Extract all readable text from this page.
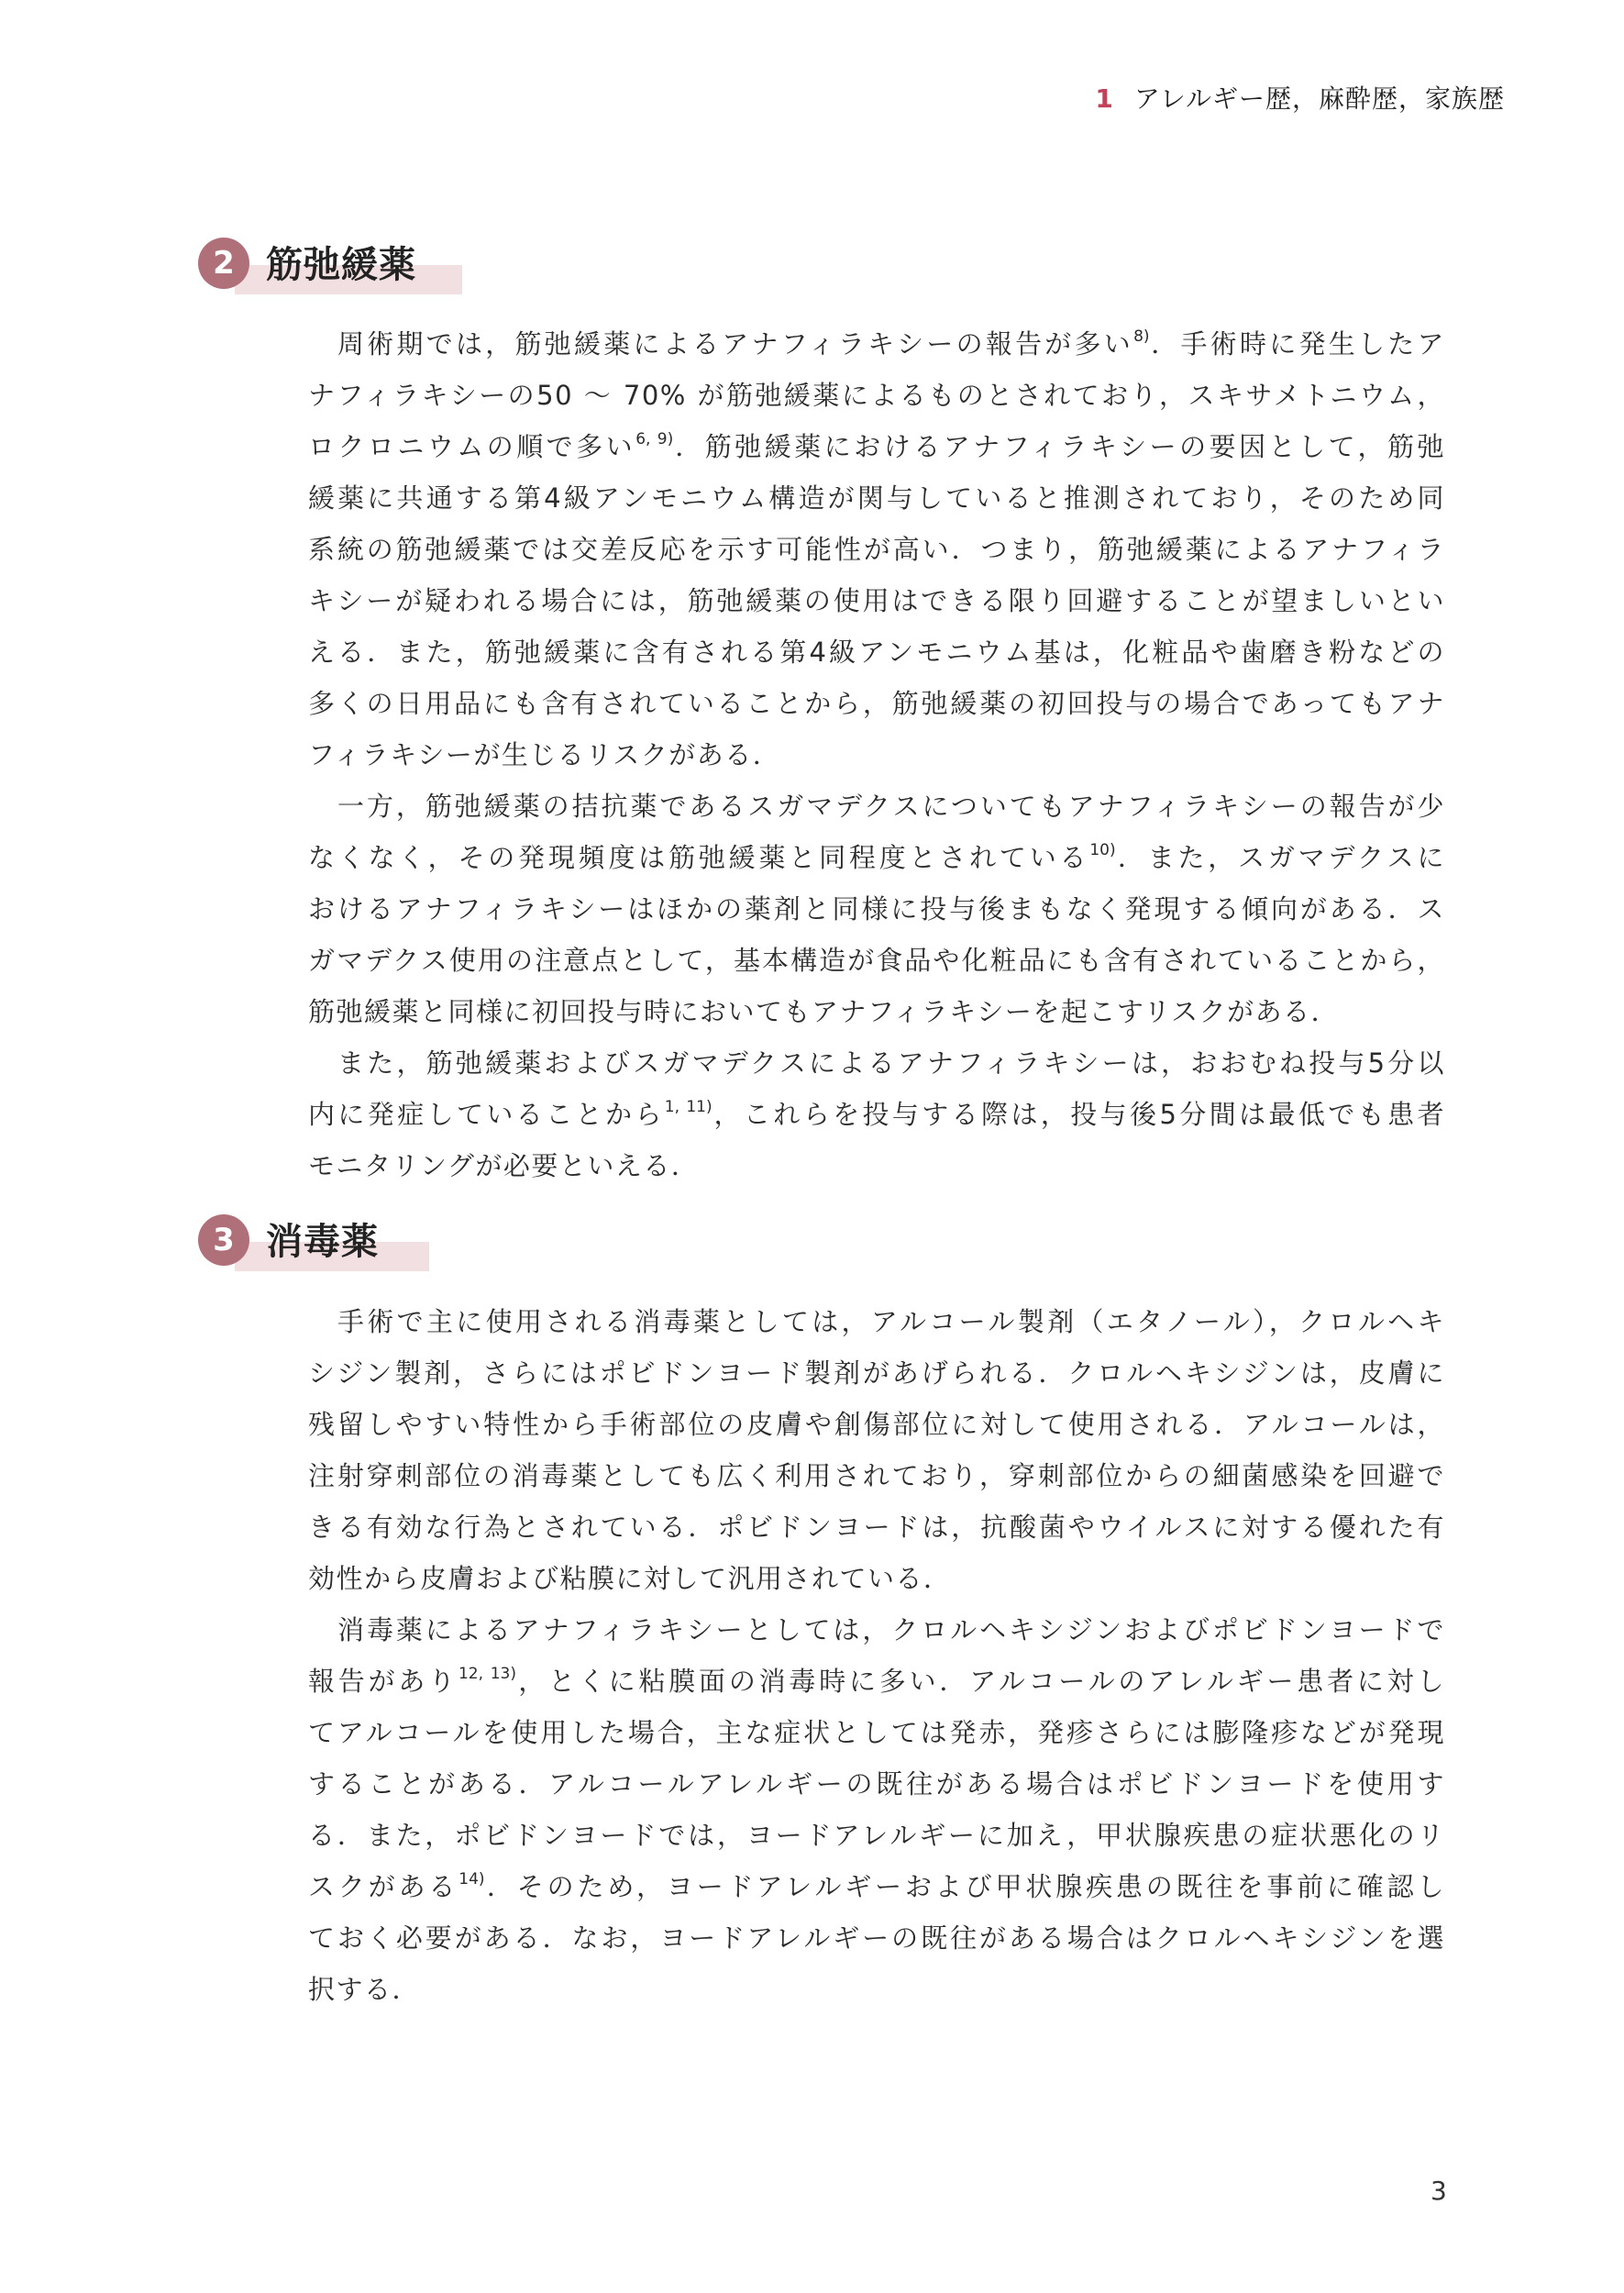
1 アレルギー歴，麻酔歴，家族歴
2 筋弛緩薬
周術期では，筋弛緩薬によるアナフィラキシーの報告が多い$^{8)}$．手術時に発生したア
ナフィラキシーの50 〜 70% が筋弛緩薬によるものとされており，スキサメトニウム，
ロクロニウムの順で多い$^{6, 9)}$．筋弛緩薬におけるアナフィラキシーの要因として，筋弛
緩薬に共通する第4級アンモニウム構造が関与していると推測されており，そのため同
系統の筋弛緩薬では交差反応を示す可能性が高い．つまり，筋弛緩薬によるアナフィラ
キシーが疑われる場合には，筋弛緩薬の使用はできる限り回避することが望ましいとい
える．また，筋弛緩薬に含有される第4級アンモニウム基は，化粧品や歯磨き粉などの
多くの日用品にも含有されていることから，筋弛緩薬の初回投与の場合であってもアナ
フィラキシーが生じるリスクがある．
一方，筋弛緩薬の拮抗薬であるスガマデクスについてもアナフィラキシーの報告が少
なくなく，その発現頻度は筋弛緩薬と同程度とされている$^{10)}$．また，スガマデクスに
おけるアナフィラキシーはほかの薬剤と同様に投与後まもなく発現する傾向がある．ス
ガマデクス使用の注意点として，基本構造が食品や化粧品にも含有されていることから，
筋弛緩薬と同様に初回投与時においてもアナフィラキシーを起こすリスクがある．
また，筋弛緩薬およびスガマデクスによるアナフィラキシーは，おおむね投与5分以
内に発症していることから$^{1, 11)}$，これらを投与する際は，投与後5分間は最低でも患者
モニタリングが必要といえる．
3 消毒薬
手術で主に使用される消毒薬としては，アルコール製剤（エタノール），クロルヘキ
シジン製剤，さらにはポビドンヨード製剤があげられる．クロルヘキシジンは，皮膚に
残留しやすい特性から手術部位の皮膚や創傷部位に対して使用される．アルコールは，
注射穿刺部位の消毒薬としても広く利用されており，穿刺部位からの細菌感染を回避で
きる有効な行為とされている．ポビドンヨードは，抗酸菌やウイルスに対する優れた有
効性から皮膚および粘膜に対して汎用されている．
消毒薬によるアナフィラキシーとしては，クロルヘキシジンおよびポビドンヨードで
報告があり$^{12, 13)}$，とくに粘膜面の消毒時に多い．アルコールのアレルギー患者に対し
てアルコールを使用した場合，主な症状としては発赤，発疹さらには膨隆疹などが発現
することがある．アルコールアレルギーの既往がある場合はポビドンヨードを使用す
る．また，ポビドンヨードでは，ヨードアレルギーに加え，甲状腺疾患の症状悪化のリ
スクがある$^{14)}$．そのため，ヨードアレルギーおよび甲状腺疾患の既往を事前に確認し
ておく必要がある．なお，ヨードアレルギーの既往がある場合はクロルヘキシジンを選
択する．
3
